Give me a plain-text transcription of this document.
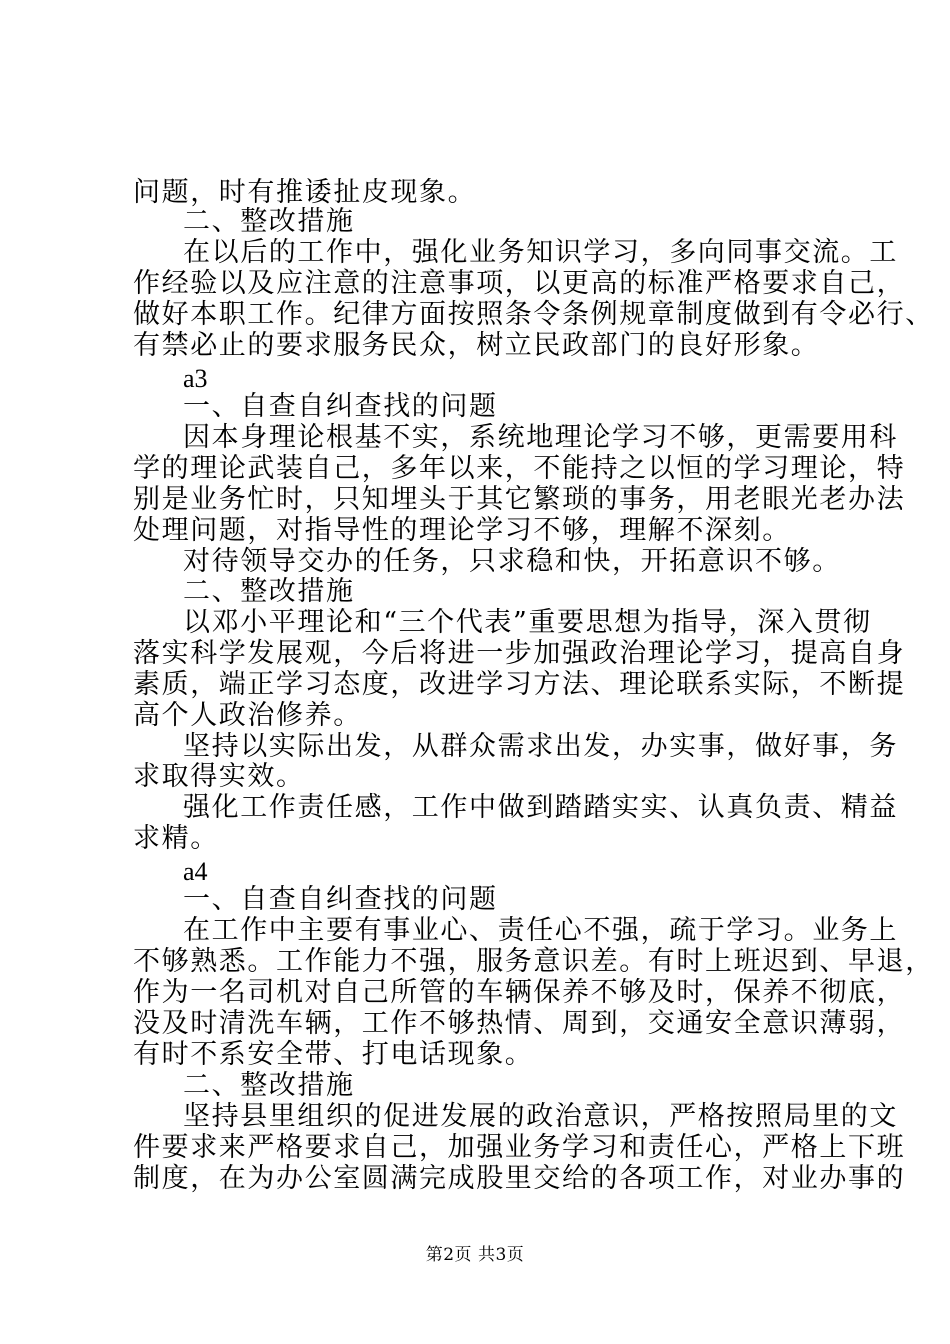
问题，时有推诿扯皮现象。
二、整改措施
在以后的工作中，强化业务知识学习，多向同事交流。工
作经验以及应注意的注意事项，以更高的标准严格要求自己，
做好本职工作。纪律方面按照条令条例规章制度做到有令必行、
有禁必止的要求服务民众，树立民政部门的良好形象。
a3
一、自查自纠查找的问题
因本身理论根基不实，系统地理论学习不够，更需要用科
学的理论武装自己，多年以来，不能持之以恒的学习理论，特
别是业务忙时，只知埋头于其它繁琐的事务，用老眼光老办法
处理问题，对指导性的理论学习不够，理解不深刻。
对待领导交办的任务，只求稳和快，开拓意识不够。
二、整改措施
以邓小平理论和“三个代表”重要思想为指导，深入贯彻
落实科学发展观，今后将进一步加强政治理论学习，提高自身
素质，端正学习态度，改进学习方法、理论联系实际，不断提
高个人政治修养。
坚持以实际出发，从群众需求出发，办实事，做好事，务
求取得实效。
强化工作责任感，工作中做到踏踏实实、认真负责、精益
求精。
a4
一、自查自纠查找的问题
在工作中主要有事业心、责任心不强，疏于学习。业务上
不够熟悉。工作能力不强，服务意识差。有时上班迟到、早退，
作为一名司机对自己所管的车辆保养不够及时，保养不彻底，
没及时清洗车辆，工作不够热情、周到，交通安全意识薄弱，
有时不系安全带、打电话现象。
二、整改措施
坚持县里组织的促进发展的政治意识，严格按照局里的文
件要求来严格要求自己，加强业务学习和责任心，严格上下班
制度，在为办公室圆满完成股里交给的各项工作，对业办事的
第2页 共3页
